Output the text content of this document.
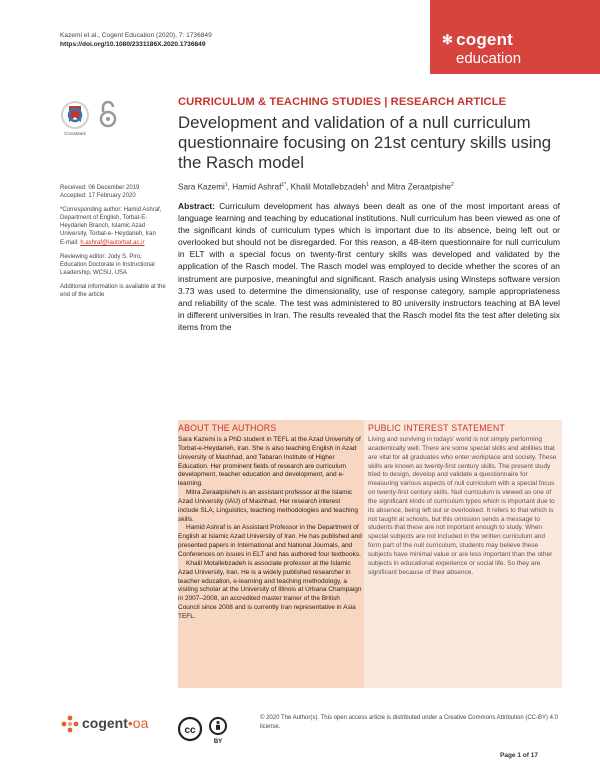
Kazemi et al., Cogent Education (2020), 7: 1736849
https://doi.org/10.1080/2331186X.2020.1736849	✻ cogent
education
CrossMark
CURRICULUM & TEACHING STUDIES | RESEARCH ARTICLE
Development and validation of a null curriculum questionnaire focusing on 21st century skills using the Rasch model
Sara Kazemi$^1$, Hamid Ashraf$^{1*}$, Khalil Motallebzadeh$^1$ and Mitra Zeraatpishe$^2$

Received: 06 December 2019
Accepted: 17 February 2020

*Corresponding author: Hamid Ashraf, Department of English, Torbat-E-Heydarieh Branch, Islamic Azad University, Torbat-e- Heydarieh, Iran
E-mail: h.ashraf@iautorbat.ac.ir

Reviewing editor: Jody S. Piro, Education Doctorate in Instructional Leadership, WCSU, USA

Additional information is available at the end of the article

Abstract: Curriculum development has always been dealt as one of the most important areas of language learning and teaching by educational institutions. Null curriculum has been viewed as one of the significant kinds of curriculum types which is important due to its absence, being left out or overlooked but should not be disregarded. For this reason, a 48-item questionnaire for null curriculum in ELT with a special focus on twenty-first century skills was developed and validated by the application of the Rasch model. The Rasch model was employed to decide whether the scores of an instrument are purposive, meaningful and significant. Rasch analysis using Winsteps software version 3.73 was used to determine the dimensionality, use of response category, sample appropriateness and reliability of the scale. The test was administered to 80 university instructors teaching at BA level in different universities in Iran. The results revealed that the Rasch model fits the test after deleting six items from the
ABOUT THE AUTHORS	PUBLIC INTEREST STATEMENT

Sara Kazemi is a PhD student in TEFL at the Azad University of Torbat-e-Heydarieh, Iran. She is also teaching English in Azad University of Mashhad, and Tabaran Institute of Higher Education. Her prominent fields of research are curriculum development, teacher education and development, and e-learning.

Mitra Zeraatpisheh is an assistant professor at the Islamic Azad University (IAU) of Mashhad. Her research interest include SLA, Linguistics, teaching methodologies and teaching skills.

Hamid Ashraf is an Assistant Professor in the Department of English at Islamic Azad University of Iran. He has published and presented papers in International and National Journals, and Conferences on issues in ELT and has authored four textbooks.

Khalil Motallebzadeh is associate professor at the Islamic Azad University, Iran. He is a widely published researcher in teacher education, e-learning and teaching methodology, a visiting scholar at the University of Illinois at Urbana Champaign in 2007–2008, an accredited master trainer of the British Council since 2008 and is currently Iran representative in Asia TEFL.

Living and surviving in todays' world is not simply performing academically well. There are some special skills and abilities that are vital for all graduates who enter workplace and society. These skills are known as twenty-first century skills. The present study tried to design, develop and validate a questionnaire for measuring various aspects of null curriculum with a special focus on twenty-first century skills. Null curriculum is viewed as one of the significant kinds of curriculum types which is important due to its absence, being left out or overlooked. It refers to that which is not taught at schools, but this omission sends a message to students that these are not important enough to study. When special subjects are not included in the written curriculum and form part of the null curriculum, students may believe these subjects have minimal value or are less important than the other subjects in educational experience or social life. So they are significant because of their absence.
cogent•oa	cc
BY
© 2020 The Author(s). This open access article is distributed under a Creative Commons Attribution (CC-BY) 4.0 license.
Page 1 of 17
